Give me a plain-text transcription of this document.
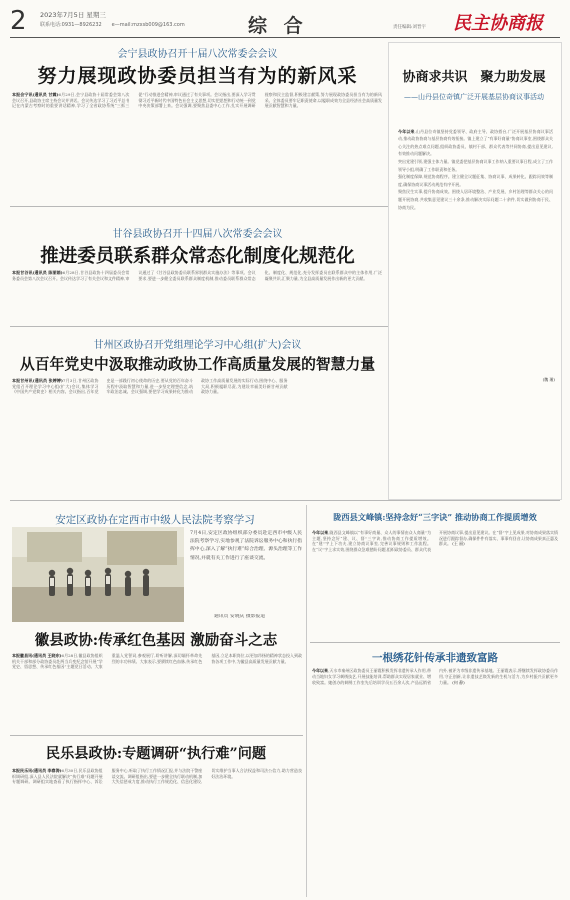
2 2023年7月5日 星期三
联系电话:0931—8926232　　e—mail:mzxsb009@163.com	综 合	责任编辑:刘晋宇 民主协商报
会宁县政协召开十届八次常委会会议
努力展现政协委员担当有为的新风采
本报会宁讯(通讯员 甘霖)6月29日,会宁县政协十届常委会第八次会议召开,县政协主席主持会议并讲话。会议传达学习了习近平总书记在内蒙古考察时的重要讲话精神,学习了全省政协系统“三抓三促”行动推进会精神,审议通过了有关事项。会议指出,要深入学习贯彻习近平新时代中国特色社会主义思想,切实把思想和行动统一到党中央决策部署上来。会议强调,要聚焦县委中心工作,扎实开展调研视察和民主监督,积极建言献策,努力展现政协委员担当有为的新风采。全体委员要牢记职责使命,以履职成效为全县经济社会高质量发展贡献智慧和力量。
甘谷县政协召开十四届八次常委会会议
推进委员联系群众常态化制度化规范化
本报甘谷讯(通讯员 陈丽娟)6月28日,甘谷县政协十四届委员会常务委员会第八次会议召开。会议传达学习了有关会议和文件精神,审议通过了《甘谷县政协委员联系界别群众实施办法》等事项。会议要求,要进一步健全委员联系群众制度机制,推动委员联系群众常态化、制度化、规范化,充分发挥委员在联系群众中的主体作用,广泛凝聚共识,汇聚力量,为全县高质量发展作出新的更大贡献。
甘州区政协召开党组理论学习中心组(扩大)会议
从百年党史中汲取推动政协工作高质量发展的智慧力量
本报甘州讯(通讯员 张婷婷)7月3日,甘州区政协党组召开理论学习中心组(扩大)会议,集体学习《中国共产党简史》相关内容。会议指出,百年党史是一部践行初心使命的历史,要从党的百年奋斗历程中汲取智慧和力量,进一步坚定理想信念,筑牢政治忠诚。会议强调,要把学习成果转化为推动政协工作高质量发展的实际行动,围绕中心、服务大局,积极履职尽责,为建设幸福美好新甘州贡献政协力量。
协商求共识　聚力助发展
——山丹县位奇镇广泛开展基层协商议事活动

今年以来,山丹县位奇镇坚持党委领导、政府主导、政协搭台,广泛开展基层协商议事活动,推动政协协商与基层协商有效衔接。镇上建立了“有事好商量”协商议事室,围绕群众关心关注的热点难点问题,组织政协委员、镇村干部、群众代表等共同协商,提出意见建议,有效推动问题解决。
突出党建引领,建强主体力量。镇党委把基层协商议事工作纳入重要议事日程,成立了工作领导小组,明确了工作职责和任务。
强化制度保障,规范协商程序。建立健全议题征集、协商议事、成果转化、跟踪问效等制度,确保协商议事活动规范有序开展。
聚焦民生实事,提升协商成效。围绕人居环境整治、产业发展、乡村治理等群众关心的问题开展协商,共收集意见建议三十余条,推动解决实际问题二十余件,切实做到协商于民、协商为民。

(魏 瑾)
安定区政协在定西市中级人民法院考察学习
7月4日,安定区政协组织部分委员赴定西市中级人民法院考察学习,实地参观了法院诉讼服务中心和执行指挥中心,深入了解“执行难”综合治理、源头治理等工作情况,并就有关工作进行了座谈交流。
通讯员 安晓庆 摄影报道
徽县政协:传承红色基因 激励奋斗之志
本报徽县讯(通讯员 王晓东)6月28日,徽县政协组织机关干部和部分政协委员赴两当兵变纪念馆开展“学党史、悟思想、传承红色基因”主题党日活动。大家重温入党誓词,参观展厅,聆听讲解,深切缅怀革命先烈的丰功伟绩。大家表示,要赓续红色血脉,传承红色基因,立足本职岗位,以更加昂扬的精神状态投入到政协各项工作中,为徽县高质量发展贡献力量。
民乐县政协:专题调研“执行难”问题
本报民乐讯(通讯员 李春涛)6月30日,民乐县政协组织调研组,深入县人民法院就解决“执行难”问题开展专题调研。调研组实地查看了执行指挥中心、诉讼服务中心,听取了执行工作情况汇报,并与法院干警座谈交流。调研组指出,要进一步健全执行联动机制,加大失信惩戒力度,推动执行工作规范化、信息化建设,切实维护当事人合法权益和司法公信力,助力营造良好法治环境。
陇西县文峰镇:坚持念好“三字诀” 推动协商工作提质增效
今年以来,陇西县文峰镇以“有事好商量、众人的事情由众人商量”为主题,坚持念好“建、议、督”三字诀,推动协商工作提质增效。在“建”字上下功夫,建立协商议事室,完善议事规则和工作流程。在“议”字上求实效,围绕群众急难愁盼问题,组织政协委员、群众代表开展协商议事,提出意见建议。在“督”字上见成果,对协商成果落实情况进行跟踪督办,确保件件有落实、事事有回音,让协商成果真正惠及群众。 (王 丽)
一根绣花针传承非遗致富路
今年以来,天水市秦州区政协委员王丽霞积极发挥非遗传承人作用,带动当地妇女学习刺绣技艺,开展技能培训,帮助群众实现居家就业、增收致富。她创办的刺绣工作室先后培训学员五百余人次,产品远销省内外,被评为市级非遗传承基地。王丽霞表示,将继续发挥政协委员作用,守正创新,让非遗技艺焕发新的生机与活力,为乡村振兴贡献更多力量。 (何 静)
